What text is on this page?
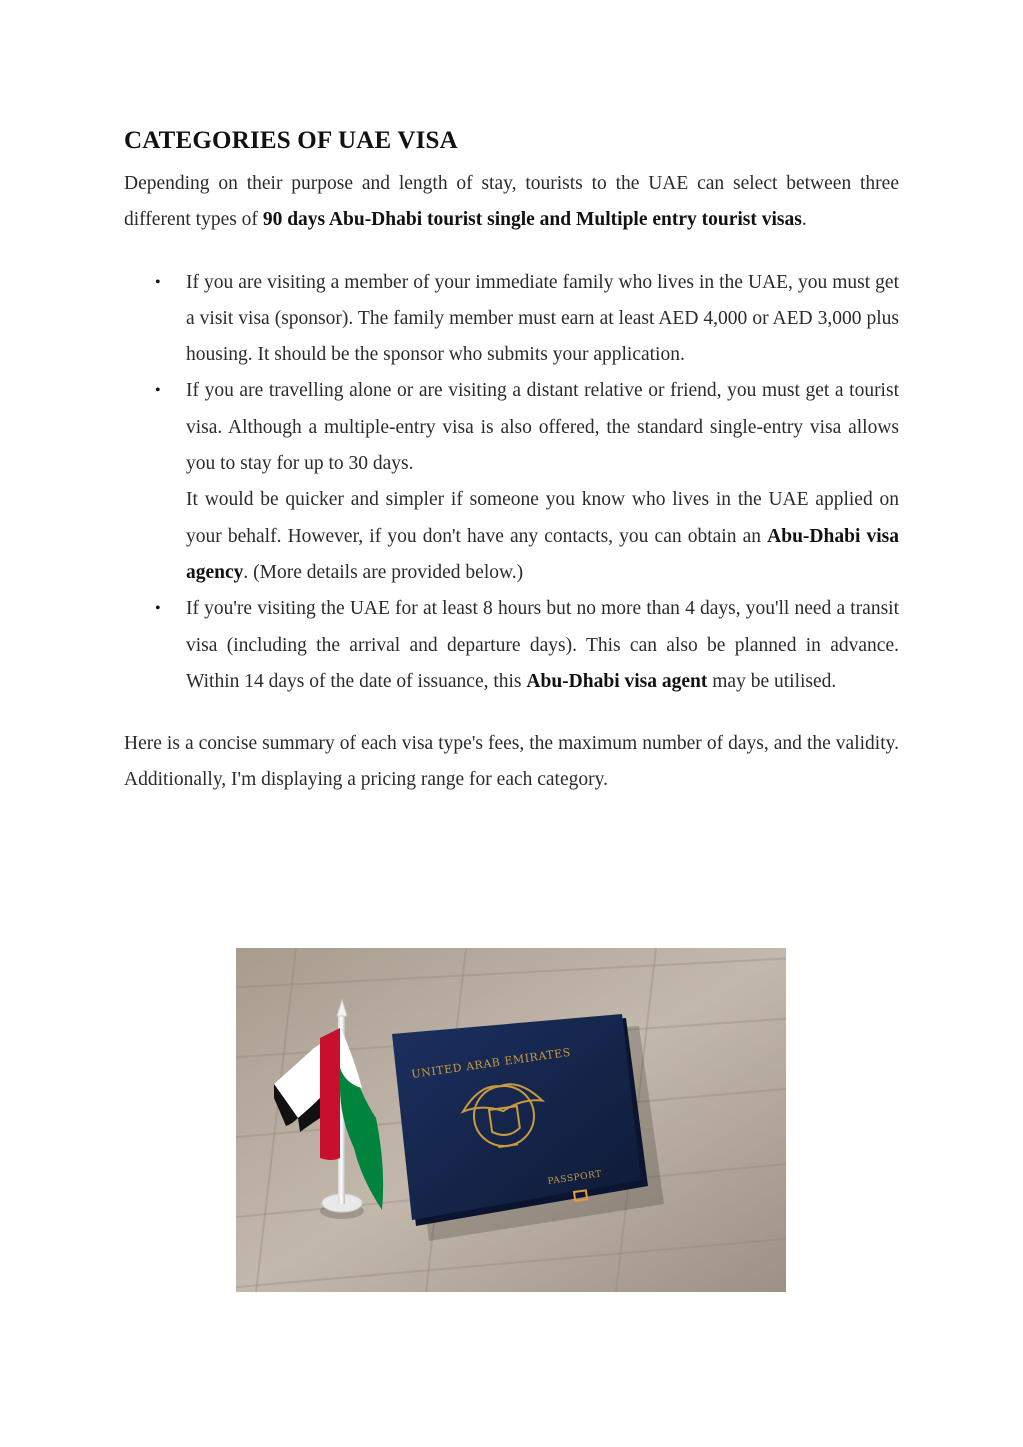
CATEGORIES OF UAE VISA

Depending on their purpose and length of stay, tourists to the UAE can select between three different types of 90 days Abu-Dhabi tourist single and Multiple entry tourist visas.

• If you are visiting a member of your immediate family who lives in the UAE, you must get a visit visa (sponsor). The family member must earn at least AED 4,000 or AED 3,000 plus housing. It should be the sponsor who submits your application.
• If you are travelling alone or are visiting a distant relative or friend, you must get a tourist visa. Although a multiple-entry visa is also offered, the standard single-entry visa allows you to stay for up to 30 days.
It would be quicker and simpler if someone you know who lives in the UAE applied on your behalf. However, if you don't have any contacts, you can obtain an Abu-Dhabi visa agency. (More details are provided below.)
• If you're visiting the UAE for at least 8 hours but no more than 4 days, you'll need a transit visa (including the arrival and departure days). This can also be planned in advance. Within 14 days of the date of issuance, this Abu-Dhabi visa agent may be utilised.

Here is a concise summary of each visa type's fees, the maximum number of days, and the validity. Additionally, I'm displaying a pricing range for each category.

UNITED ARAB EMIRATES
PASSPORT
